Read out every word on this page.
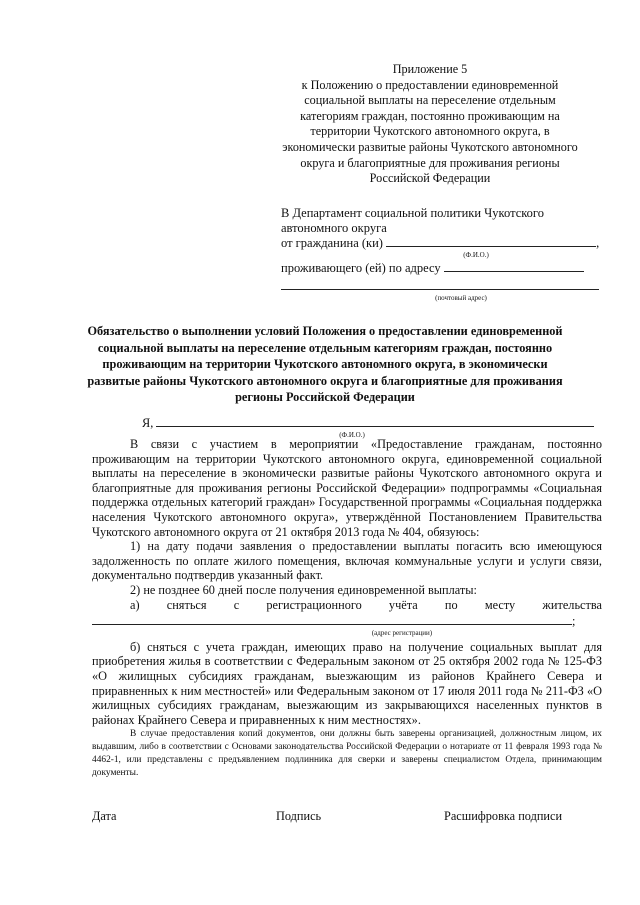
Приложение 5
к Положению о предоставлении единовременной
социальной выплаты на переселение отдельным
категориям граждан, постоянно проживающим на
территории Чукотского автономного округа, в
экономически развитые районы Чукотского автономного
округа и благоприятные для проживания регионы
Российской Федерации
В Департамент социальной политики Чукотского
автономного округа
от гражданина (ки)	,
(Ф.И.О.)
проживающего (ей) по адресу
(почтовый адрес)
Обязательство о выполнении условий Положения о предоставлении единовременной социальной выплаты на переселение отдельным категориям граждан, постоянно проживающим на территории Чукотского автономного округа, в экономически развитые районы Чукотского автономного округа и благоприятные для проживания регионы Российской Федерации
Я,
(Ф.И.О.)
В связи с участием в мероприятии «Предоставление гражданам, постоянно проживающим на территории Чукотского автономного округа, единовременной социальной выплаты на переселение в экономически развитые районы Чукотского автономного округа и благоприятные для проживания регионы Российской Федерации» подпрограммы «Социальная поддержка отдельных категорий граждан» Государственной программы «Социальная поддержка населения Чукотского автономного округа», утверждённой Постановлением Правительства Чукотского автономного округа от 21 октября 2013 года № 404, обязуюсь:
1) на дату подачи заявления о предоставлении выплаты погасить всю имеющуюся задолженность по оплате жилого помещения, включая коммунальные услуги и услуги связи, документально подтвердив указанный факт.
2) не позднее 60 дней после получения единовременной выплаты:
а) сняться с регистрационного учёта по месту жительства
;
(адрес регистрации)
б) сняться с учета граждан, имеющих право на получение социальных выплат для приобретения жилья в соответствии с Федеральным законом от 25 октября 2002 года № 125-ФЗ «О жилищных субсидиях гражданам, выезжающим из районов Крайнего Севера и приравненных к ним местностей» или Федеральным законом от 17 июля 2011 года № 211-ФЗ «О жилищных субсидиях гражданам, выезжающим из закрывающихся населенных пунктов в районах Крайнего Севера и приравненных к ним местностях».
В случае предоставления копий документов, они должны быть заверены организацией, должностным лицом, их выдавшим, либо в соответствии с Основами законодательства Российской Федерации о нотариате от 11 февраля 1993 года № 4462-1, или представлены с предъявлением подлинника для сверки и заверены специалистом Отдела, принимающим документы.
Дата	Подпись	Расшифровка подписи
